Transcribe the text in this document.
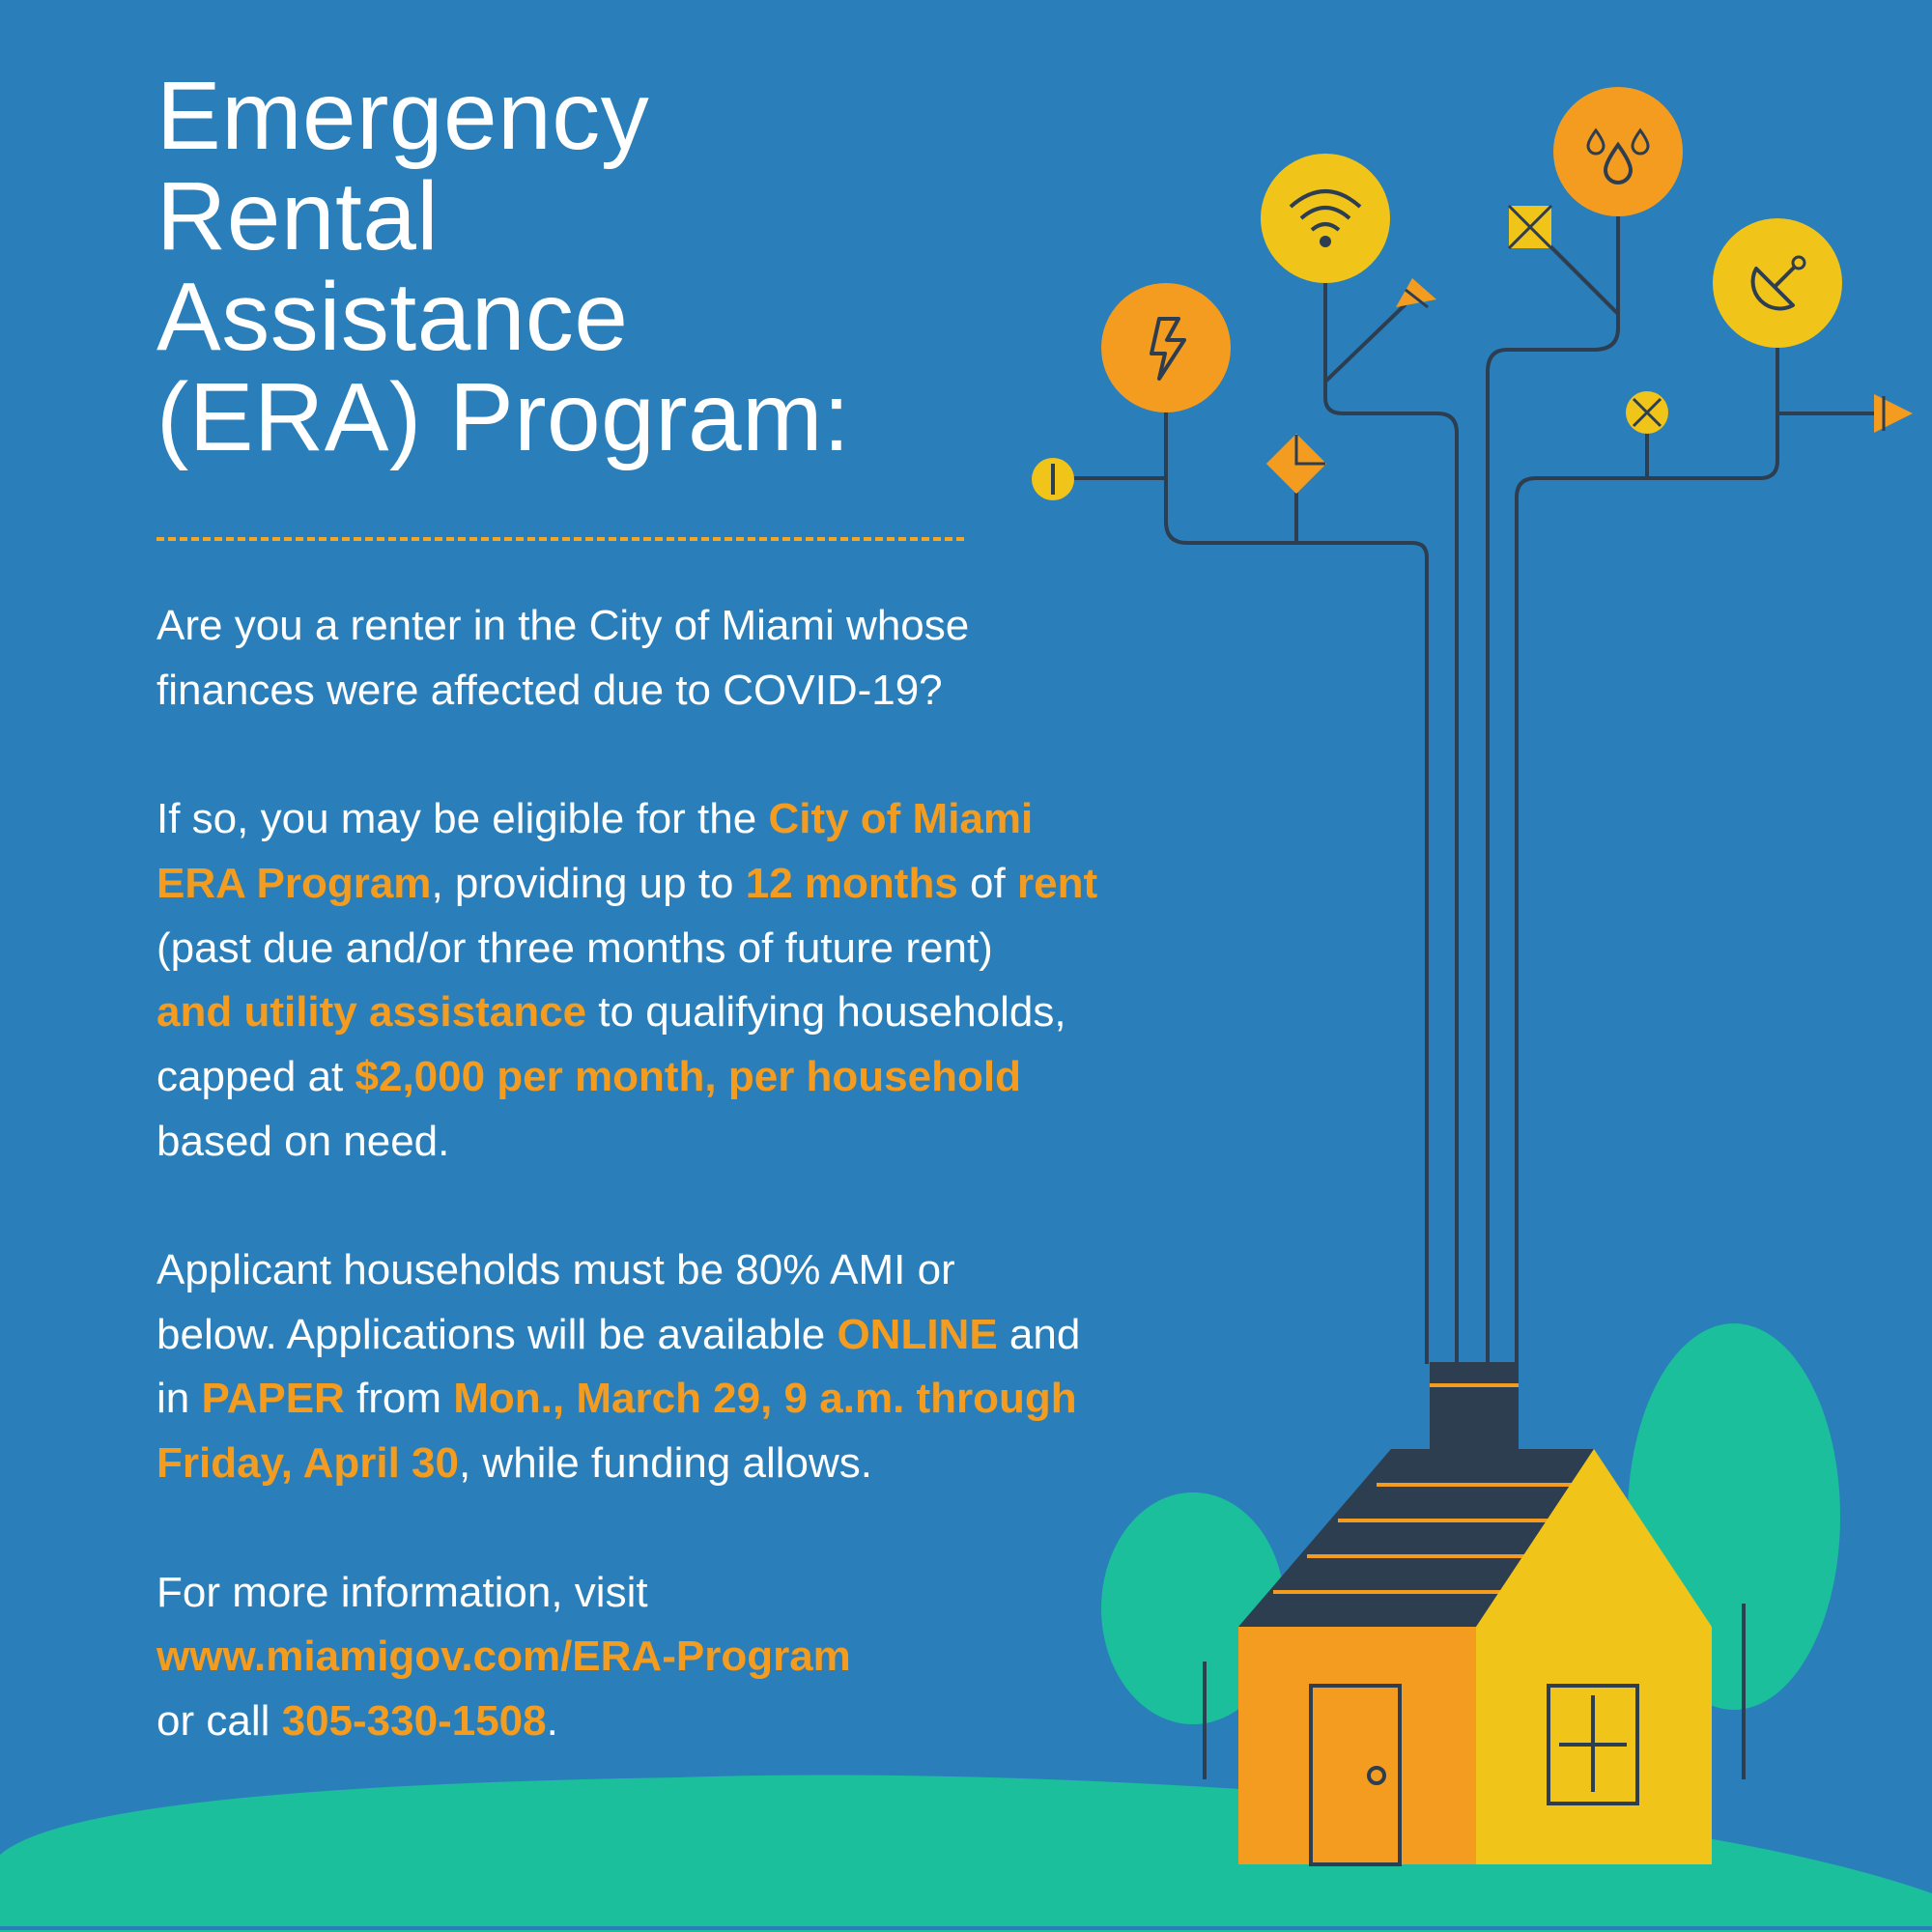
Emergency
Rental
Assistance
(ERA) Program:

Are you a renter in the City of Miami whose
finances were affected due to COVID-19?

If so, you may be eligible for the City of Miami
ERA Program, providing up to 12 months of rent
(past due and/or three months of future rent)
and utility assistance to qualifying households,
capped at $2,000 per month, per household
based on need.

Applicant households must be 80% AMI or
below. Applications will be available ONLINE and
in PAPER from Mon., March 29, 9 a.m. through
Friday, April 30, while funding allows.

For more information, visit
www.miamigov.com/ERA-Program
or call 305-330-1508.
